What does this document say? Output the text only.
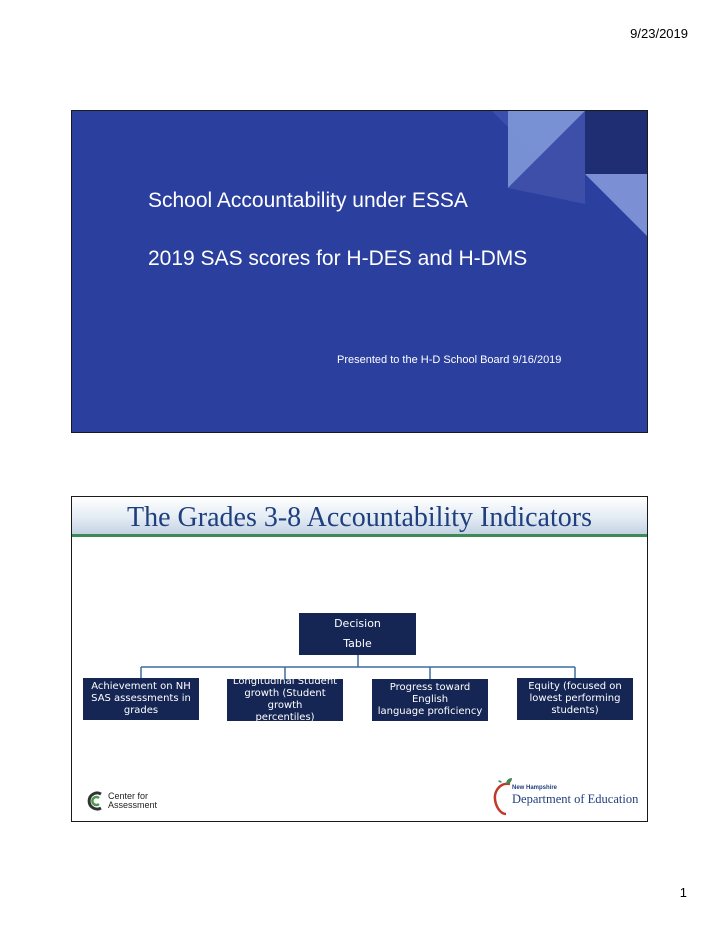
9/23/2019
School Accountability under ESSA
2019 SAS scores for H-DES and H-DMS
Presented to the H-D School Board 9/16/2019
The Grades 3-8 Accountability Indicators
Decision
Table
Achievement on NH
SAS assessments in
grades
Longitudinal Student
growth (Student growth
percentiles)
Progress toward English
language proficiency
Equity (focused on
lowest performing
students)
Center for
Assessment
New Hampshire
Department of Education
1
